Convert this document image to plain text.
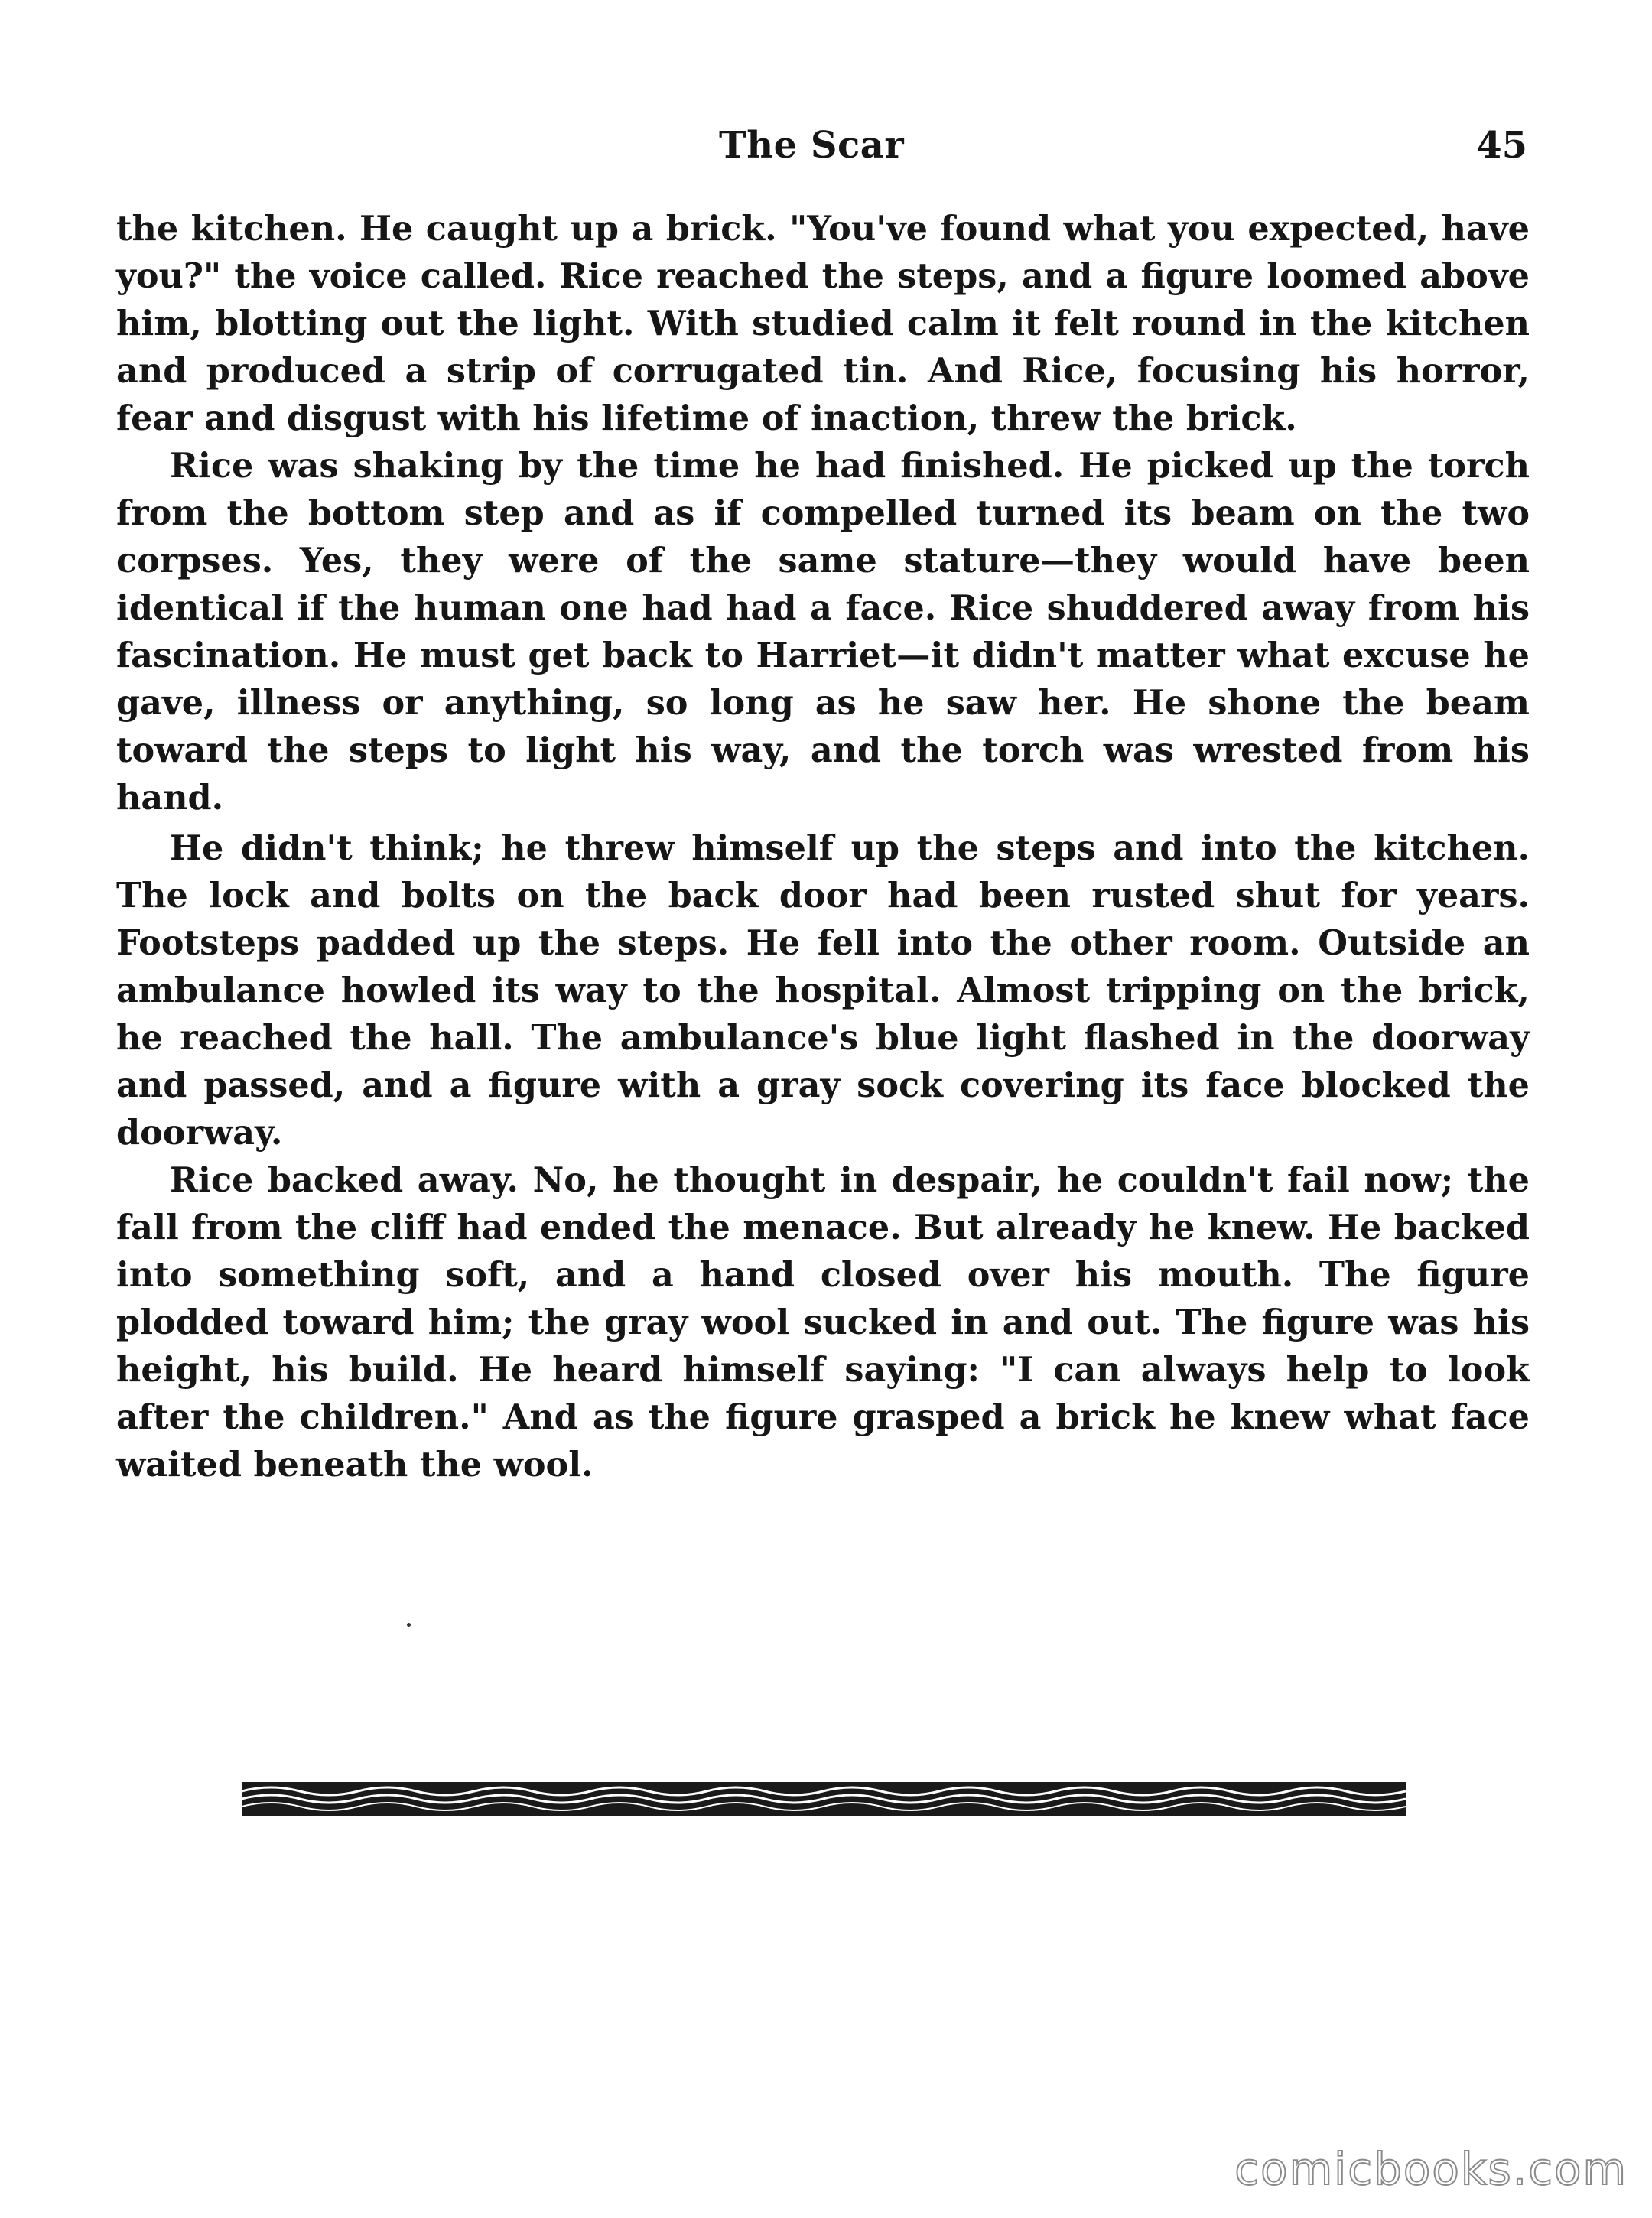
The Scar	45

the kitchen. He caught up a brick. "You've found what you expected, have you?" the voice called. Rice reached the steps, and a figure loomed above him, blotting out the light. With studied calm it felt round in the kitchen and produced a strip of corrugated tin. And Rice, focusing his horror, fear and disgust with his lifetime of inaction, threw the brick.

Rice was shaking by the time he had finished. He picked up the torch from the bottom step and as if compelled turned its beam on the two corpses. Yes, they were of the same stature—they would have been identical if the human one had had a face. Rice shuddered away from his fascination. He must get back to Harriet—it didn't matter what excuse he gave, illness or anything, so long as he saw her. He shone the beam toward the steps to light his way, and the torch was wrested from his hand.

He didn't think; he threw himself up the steps and into the kitchen. The lock and bolts on the back door had been rusted shut for years. Footsteps padded up the steps. He fell into the other room. Outside an ambulance howled its way to the hospital. Almost tripping on the brick, he reached the hall. The ambulance's blue light flashed in the doorway and passed, and a figure with a gray sock covering its face blocked the doorway.

Rice backed away. No, he thought in despair, he couldn't fail now; the fall from the cliff had ended the menace. But already he knew. He backed into something soft, and a hand closed over his mouth. The figure plodded toward him; the gray wool sucked in and out. The figure was his height, his build. He heard himself saying: "I can always help to look after the children." And as the figure grasped a brick he knew what face waited beneath the wool.

comicbooks.com
